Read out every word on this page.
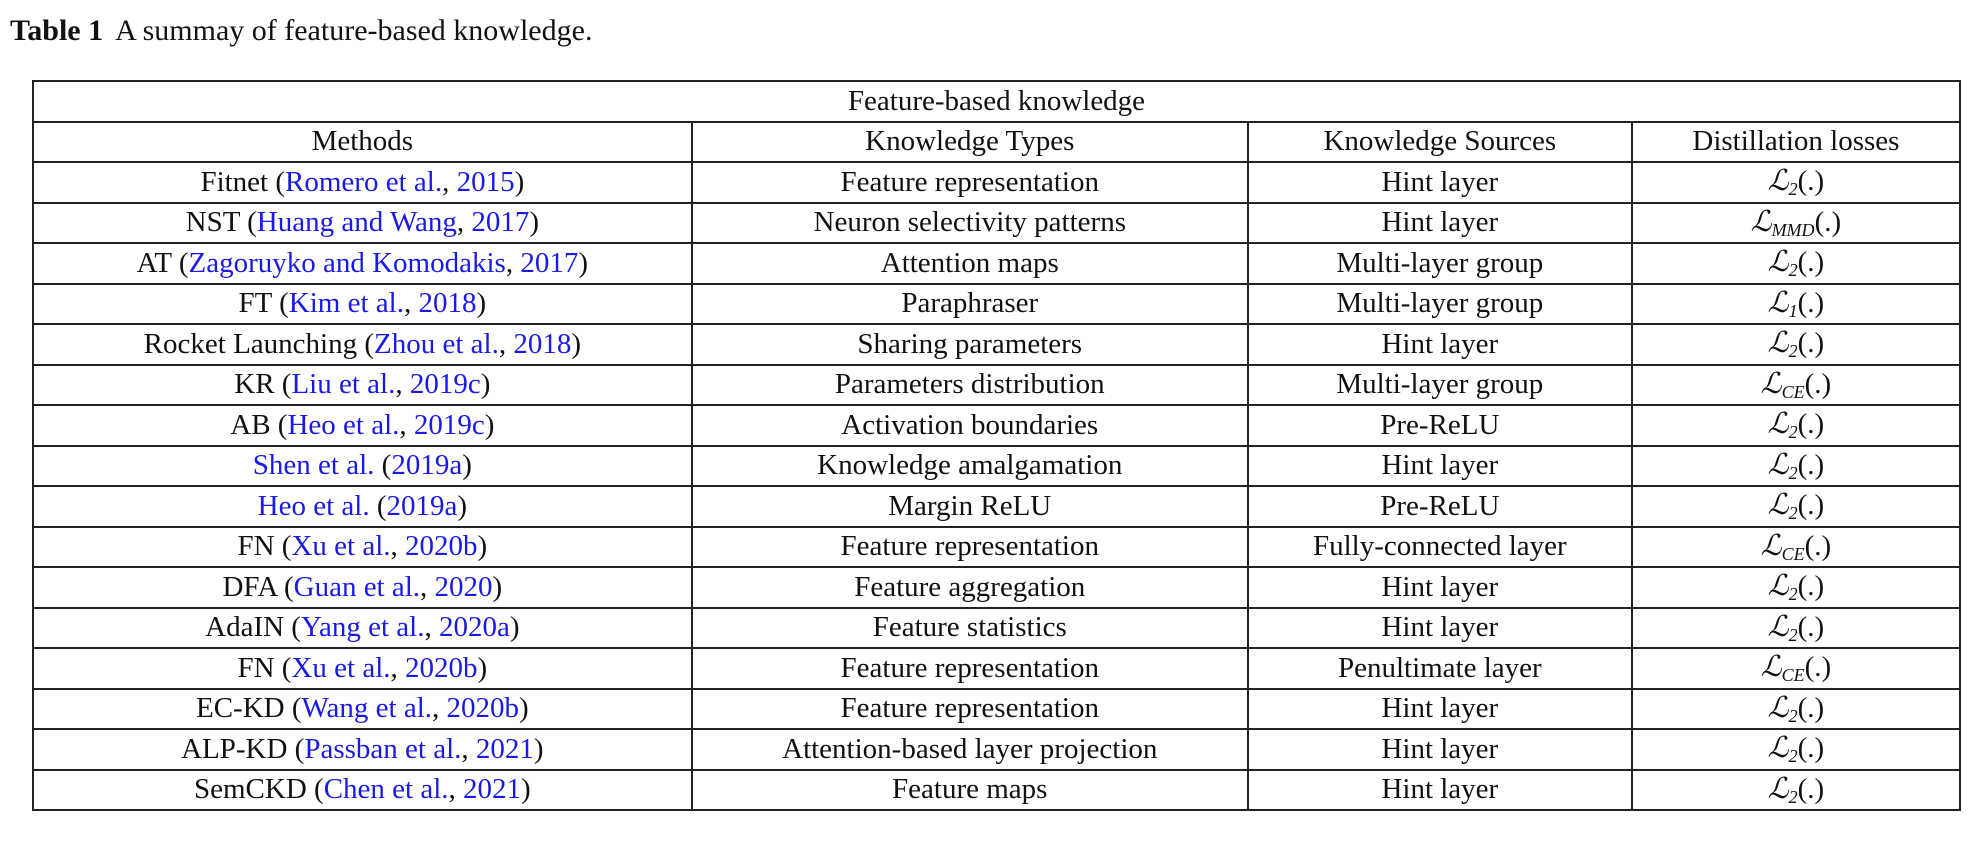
Table 1 A summay of feature-based knowledge.
Feature-based knowledge			
Methods	Knowledge Types	Knowledge Sources	Distillation losses
Fitnet (Romero et al., 2015)	Feature representation	Hint layer	ℒ$_2$(.)
NST (Huang and Wang, 2017)	Neuron selectivity patterns	Hint layer	ℒ$_{MMD}$(.)
AT (Zagoruyko and Komodakis, 2017)	Attention maps	Multi-layer group	ℒ$_2$(.)
FT (Kim et al., 2018)	Paraphraser	Multi-layer group	ℒ$_1$(.)
Rocket Launching (Zhou et al., 2018)	Sharing parameters	Hint layer	ℒ$_2$(.)
KR (Liu et al., 2019c)	Parameters distribution	Multi-layer group	ℒ$_{CE}$(.)
AB (Heo et al., 2019c)	Activation boundaries	Pre-ReLU	ℒ$_2$(.)
Shen et al. (2019a)	Knowledge amalgamation	Hint layer	ℒ$_2$(.)
Heo et al. (2019a)	Margin ReLU	Pre-ReLU	ℒ$_2$(.)
FN (Xu et al., 2020b)	Feature representation	Fully-connected layer	ℒ$_{CE}$(.)
DFA (Guan et al., 2020)	Feature aggregation	Hint layer	ℒ$_2$(.)
AdaIN (Yang et al., 2020a)	Feature statistics	Hint layer	ℒ$_2$(.)
FN (Xu et al., 2020b)	Feature representation	Penultimate layer	ℒ$_{CE}$(.)
EC-KD (Wang et al., 2020b)	Feature representation	Hint layer	ℒ$_2$(.)
ALP-KD (Passban et al., 2021)	Attention-based layer projection	Hint layer	ℒ$_2$(.)
SemCKD (Chen et al., 2021)	Feature maps	Hint layer	ℒ$_2$(.)
